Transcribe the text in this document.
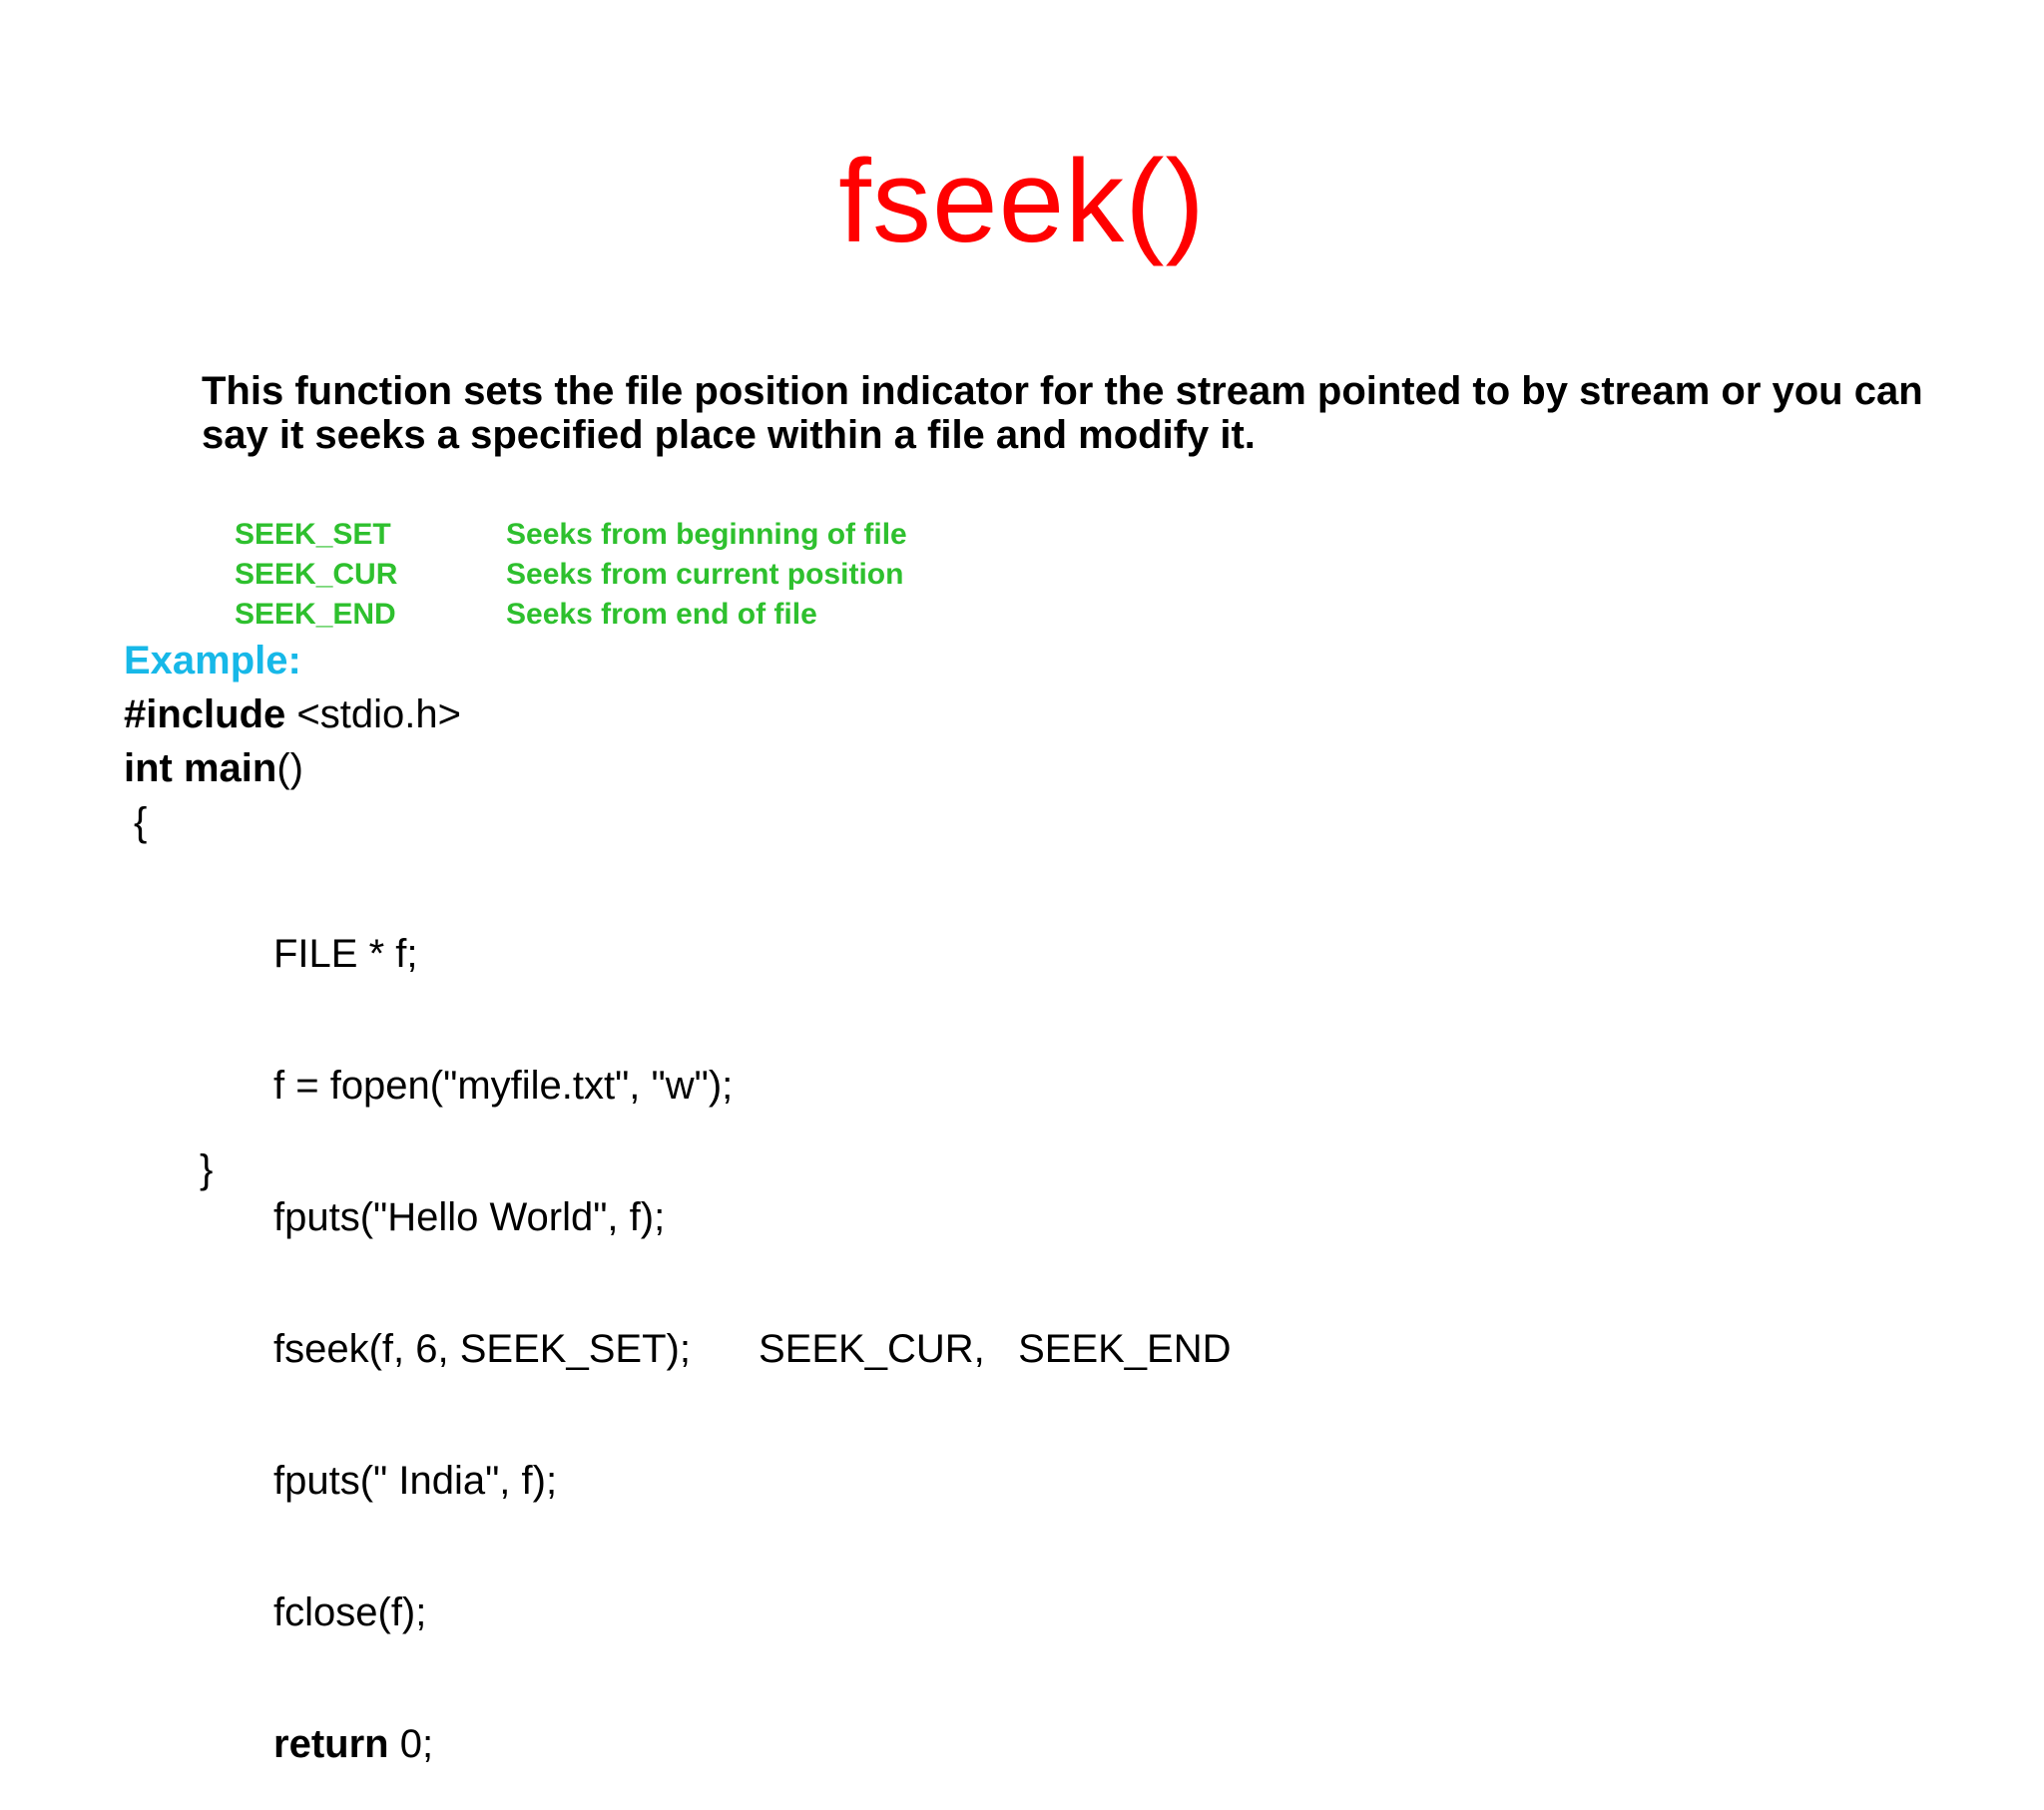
fseek()
This function sets the file position indicator for the stream pointed to by stream or you can say it seeks a specified place within a file and modify it.
SEEK_SET	Seeks from beginning of file
SEEK_CUR	Seeks from current position
SEEK_END	Seeks from end of file
Example:
#include <stdio.h>
int main()
{

FILE * f;

f = fopen("myfile.txt", "w");

fputs("Hello World", f);

fseek(f, 6, SEEK_SET); SEEK_CUR,   SEEK_END

fputs(" India", f);

fclose(f);

return 0;

}
